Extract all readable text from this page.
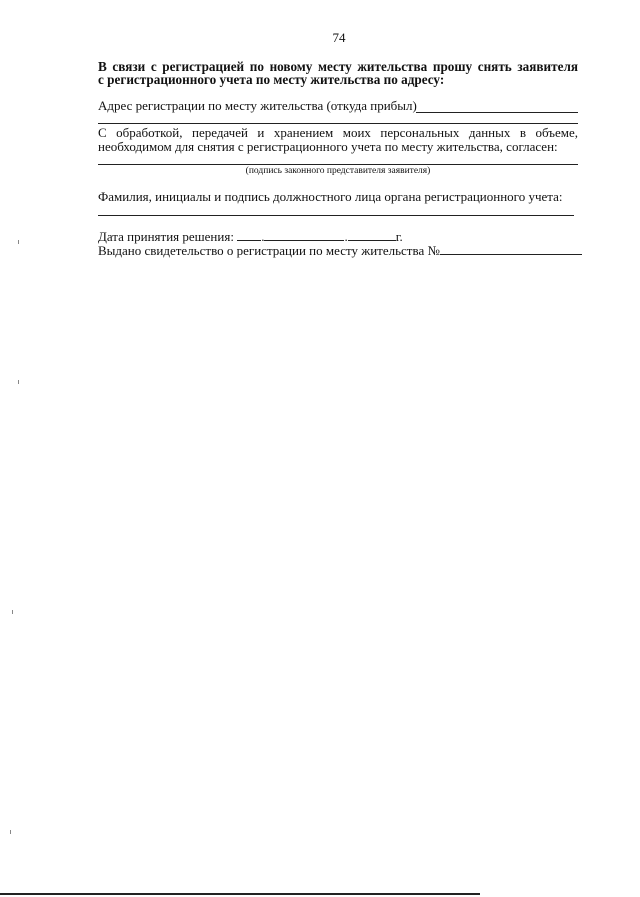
74
В связи с регистрацией по новому месту жительства прошу снять заявителя
с регистрационного учета по месту жительства по адресу:
Адрес регистрации по месту жительства (откуда прибыл)
С обработкой, передачей и хранением моих персональных данных в объеме,
необходимом для снятия с регистрационного учета по месту жительства, согласен:
(подпись законного представителя заявителя)
Фамилия, инициалы и подпись должностного лица органа регистрационного учета:
Дата принятия решения: .	.	г.
Выдано свидетельство о регистрации по месту жительства №
